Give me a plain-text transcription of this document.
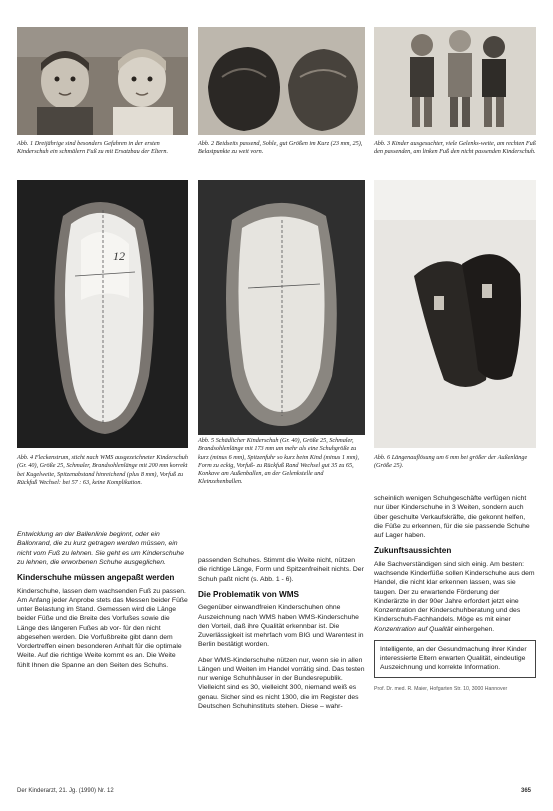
Abb. 1 Dreijährige sind besonders Gefahren in der ersten Kinderschuh ein schmälern Fuß zu mit Ersatzbau der Eltern.

Abb. 2 Beidseits passend, Sohle, gut Größen im Kurz (23 mm, 25), Belastpunkte zu weit vorn.

Abb. 3 Kinder ausgesuchter, viele Gelenks-weite, am rechten Fuß den passenden, am linken Fuß den nicht passenden Kinderschuh.

12

Abb. 4 Fleckenstrum, sticht nach WMS ausgezeichneter Kinderschuh (Gr. 40), Größe 25, Schmaler, Brandsohlenlänge mit 200 mm korrekt bei Kugelweite, Spitzenabstand hinreichend (plus 8 mm), Vorfuß zu Rückfuß Wechsel: bei 57 : 63, keine Komplikation.

Abb. 5 Schädlicher Kinderschuh (Gr. 40), Größe 25, Schmaler, Brandsohlenlänge mit 173 mm um mehr als eine Schuhgröße zu kurz (minus 6 mm), Spitzenfuhr so kurz beim Kind (minus 1 mm), Form zu eckig, Vorfuß- zu Rückfuß Rand Wechsel gut 35 zu 65, Konkave am Außenballen, an der Gelenkstelle und Kleinzehenballen.

Abb. 6 Längenauflösung um 6 mm bei größer der Außenlänge (Größe 25).

Entwicklung an der Ballenlinie beginnt, oder ein Ballonrand, die zu kurz getragen werden müssen, ein nicht vom Fuß zu lehnen. Sie geht es um Kinderschuhe zu lehnen, die erworbenen Schuhe ausgeglichen.

Kinderschuhe müssen angepaßt werden

Kinderschuhe, lassen dem wachsenden Fuß zu passen. Am Anfang jeder Anprobe stets das Messen beider Füße unter Belastung im Stand. Gemessen wird die Länge beider Füße und die Breite des Vorfußes sowie die Länge des längeren Fußes ab vor- für den nicht abgesehen werden. Die Vorfußbreite gibt dann dem Vordertreffen einen besonderen Anhalt für die optimale Weite. Auf die richtige Weite kommt es an. Die Weite fühlt Ihnen die Spanne an den Seiten des Schuhs.

passenden Schuhes. Stimmt die Weite nicht, nützen die richtige Länge, Form und Spitzenfreiheit nichts. Der Schuh paßt nicht (s. Abb. 1 - 6).

Die Problematik von WMS

Gegenüber einwandfreien Kinderschuhen ohne Auszeichnung nach WMS haben WMS-Kinderschuhe den Vorteil, daß ihre Qualität erkennbar ist. Die Zuverlässigkeit ist mehrfach vom BIG und Warentest in Berlin bestätigt worden.

Aber WMS-Kinderschuhe nützen nur, wenn sie in allen Längen und Weiten im Handel vorrätig sind. Das testen nur wenige Schuhhäuser in der Bundesrepublik. Vielleicht sind es 30, vielleicht 300, niemand weiß es genau. Sicher sind es nicht 1300, die im Register des Deutschen Schuhinstituts stehen. Diese – wahr-

scheinlich wenigen Schuhgeschäfte verfügen nicht nur über Kinderschuhe in 3 Weiten, sondern auch über geschulte Verkaufskräfte, die gekonnt helfen, die Füße zu erkennen, für die sie passende Schuhe auf Lager haben.

Zukunftsaussichten

Alle Sachverständigen sind sich einig. Am besten: wachsende Kinderfüße sollen Kinderschuhe aus dem Handel, die nicht klar erkennen lassen, was sie taugen. Der zu erwartende Förderung der Kinderärzte in der 90er Jahre erfordert jetzt eine Konzentration der Kinderschuhberatung und des Kinderschuh-Fachhandels. Möge es mit einer Konzentration auf Qualität einhergehen.

Intelligente, an der Gesundmachung ihrer Kinder interessierte Eltern erwarten Qualität, eindeutige Auszeichnung und korrekte Information.

Prof. Dr. med. R. Maier, Hofgarten Str. 10, 3000 Hannover

Der Kinderarzt, 21. Jg. (1990) Nr. 12	365
